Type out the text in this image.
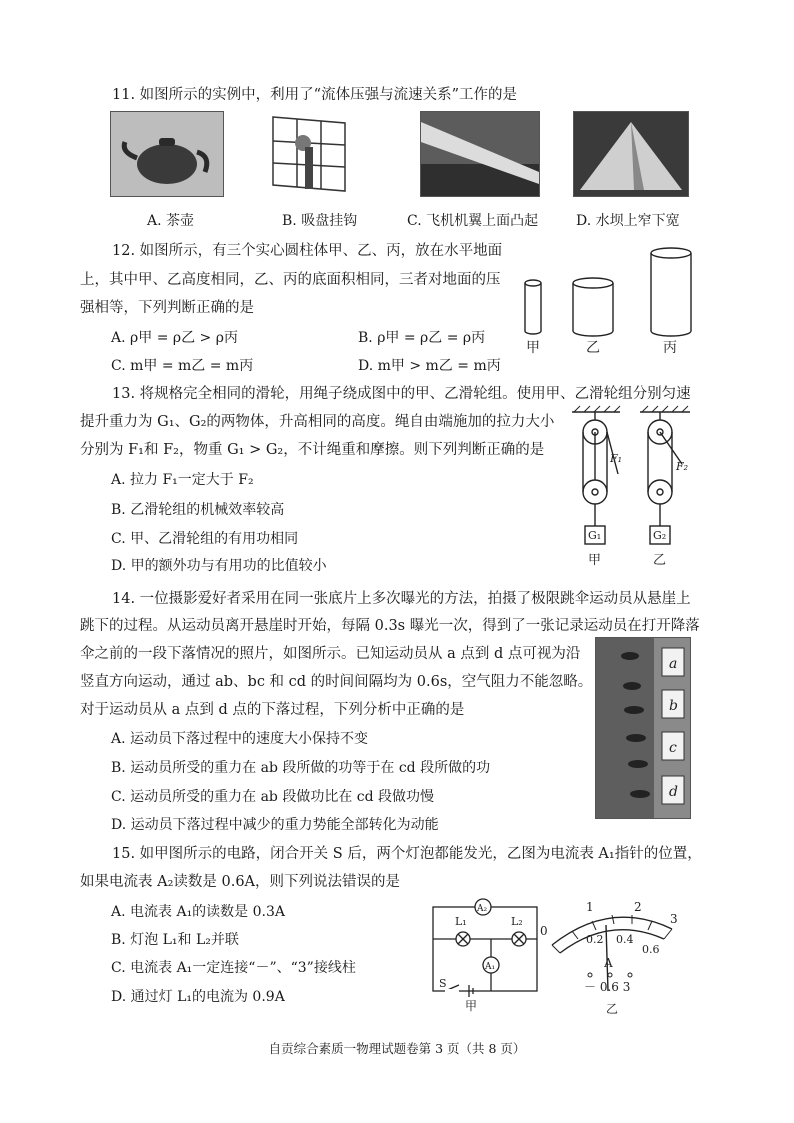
11. 如图所示的实例中，利用了“流体压强与流速关系”工作的是
A. 茶壶	B. 吸盘挂钩	C. 飞机机翼上面凸起	D. 水坝上窄下宽
12. 如图所示，有三个实心圆柱体甲、乙、丙，放在水平地面
上，其中甲、乙高度相同，乙、丙的底面积相同，三者对地面的压
强相等，下列判断正确的是
A. ρ甲 = ρ乙 > ρ丙	B. ρ甲 = ρ乙 = ρ丙
C. m甲 = m乙 = m丙	D. m甲 > m乙 = m丙
甲	乙	丙
13. 将规格完全相同的滑轮，用绳子绕成图中的甲、乙滑轮组。使用甲、乙滑轮组分别匀速
提升重力为 G₁、G₂的两物体，升高相同的高度。绳自由端施加的拉力大小
分别为 F₁和 F₂，物重 G₁ > G₂，不计绳重和摩擦。则下列判断正确的是
A. 拉力 F₁一定大于 F₂
B. 乙滑轮组的机械效率较高
C. 甲、乙滑轮组的有用功相同
D. 甲的额外功与有用功的比值较小
F₁
F₂
G₁	G₂
甲	乙
14. 一位摄影爱好者采用在同一张底片上多次曝光的方法，拍摄了极限跳伞运动员从悬崖上
跳下的过程。从运动员离开悬崖时开始，每隔 0.3s 曝光一次，得到了一张记录运动员在打开降落
伞之前的一段下落情况的照片，如图所示。已知运动员从 a 点到 d 点可视为沿
竖直方向运动，通过 ab、bc 和 cd 的时间间隔均为 0.6s，空气阻力不能忽略。
对于运动员从 a 点到 d 点的下落过程，下列分析中正确的是
A. 运动员下落过程中的速度大小保持不变
B. 运动员所受的重力在 ab 段所做的功等于在 cd 段所做的功
C. 运动员所受的重力在 ab 段做功比在 cd 段做功慢
D. 运动员下落过程中减少的重力势能全部转化为动能
a
b
c
d
15. 如甲图所示的电路，闭合开关 S 后，两个灯泡都能发光，乙图为电流表 A₁指针的位置，
如果电流表 A₂读数是 0.6A，则下列说法错误的是
A. 电流表 A₁的读数是 0.3A
B. 灯泡 L₁和 L₂并联
C. 电流表 A₁一定连接“－”、“3”接线柱
D. 通过灯 L₁的电流为 0.9A
A₂
A₁
L₁	L₂
S
甲
0
1	2
3
0.2 0.4
0.6
A
－ 0.6 3
乙
自贡综合素质一物理试题卷第 3 页（共 8 页）
